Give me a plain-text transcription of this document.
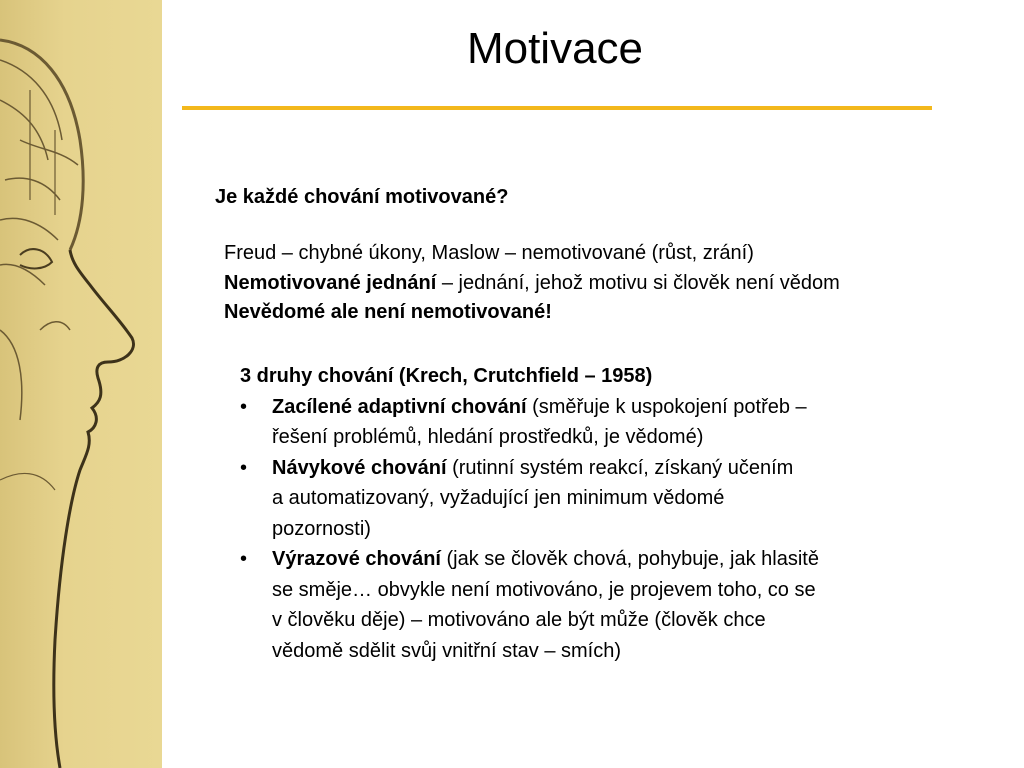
Motivace
Je každé chování motivované?
Freud – chybné úkony, Maslow – nemotivované (růst, zrání)
Nemotivované jednání – jednání, jehož motivu si člověk není vědom
Nevědomé ale není nemotivované!
3 druhy chování (Krech, Crutchfield – 1958)
• Zacílené adaptivní chování (směřuje k uspokojení potřeb –
řešení problémů, hledání prostředků, je vědomé)
• Návykové chování (rutinní systém reakcí, získaný učením
a automatizovaný, vyžadující jen minimum vědomé
pozornosti)
• Výrazové chování (jak se člověk chová, pohybuje, jak hlasitě
se směje… obvykle není motivováno, je projevem toho, co se
v člověku děje) – motivováno ale být může (člověk chce
vědomě sdělit svůj vnitřní stav – smích)
